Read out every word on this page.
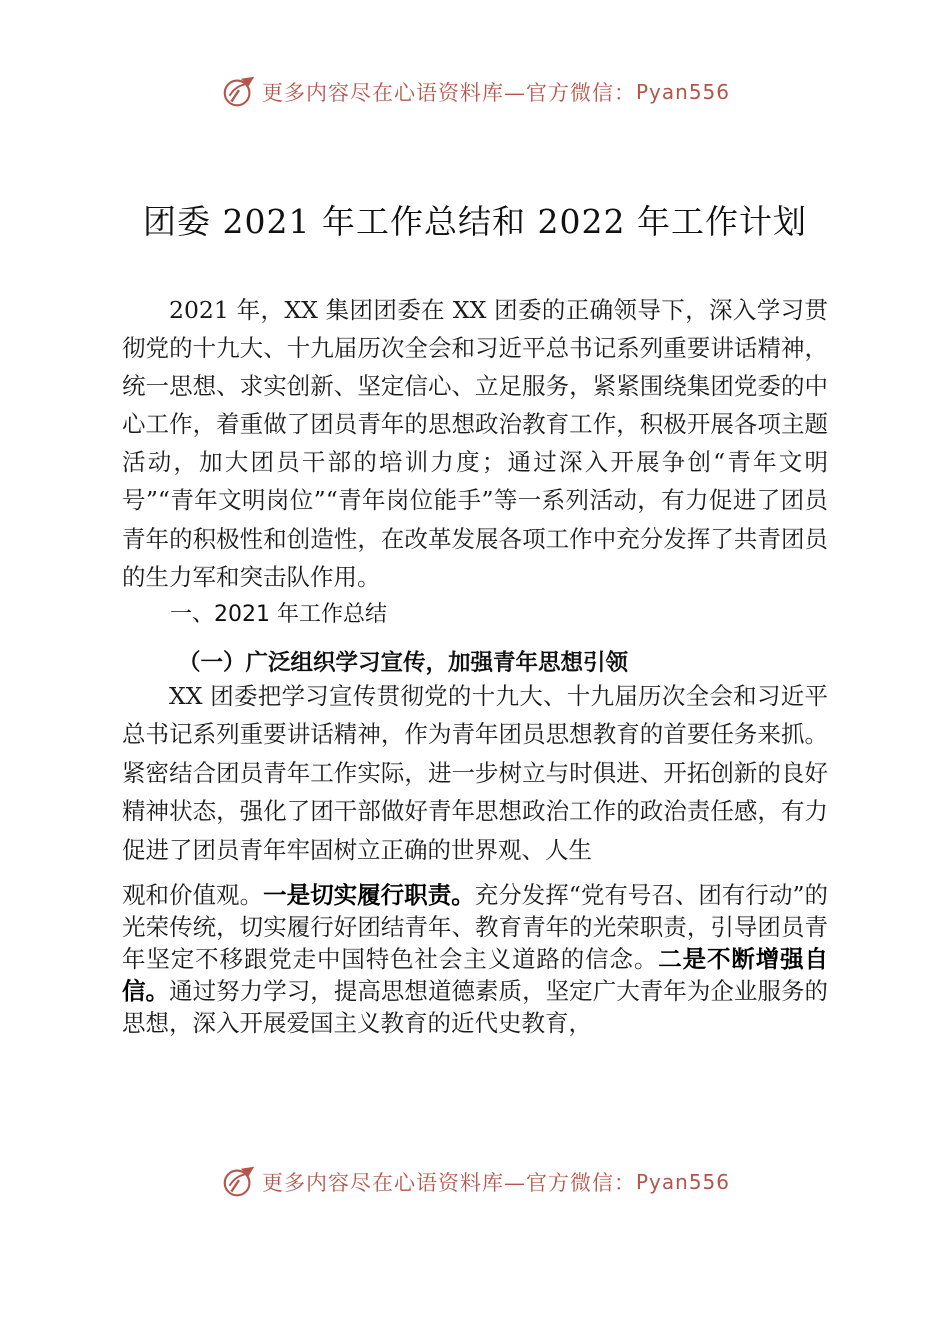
更多内容尽在心语资料库—官方微信： Pyan556
团委 2021 年工作总结和 2022 年工作计划

2021 年，XX 集团团委在 XX 团委的正确领导下，深入学习贯彻党的十九大、十九届历次全会和习近平总书记系列重要讲话精神，统一思想、求实创新、坚定信心、立足服务，紧紧围绕集团党委的中心工作，着重做了团员青年的思想政治教育工作，积极开展各项主题活动，加大团员干部的培训力度；通过深入开展争创“青年文明号”“青年文明岗位”“青年岗位能手”等一系列活动，有力促进了团员青年的积极性和创造性，在改革发展各项工作中充分发挥了共青团员的生力军和突击队作用。

一、2021 年工作总结
（一）广泛组织学习宣传，加强青年思想引领

XX 团委把学习宣传贯彻党的十九大、十九届历次全会和习近平总书记系列重要讲话精神，作为青年团员思想教育的首要任务来抓。紧密结合团员青年工作实际，进一步树立与时俱进、开拓创新的良好精神状态，强化了团干部做好青年思想政治工作的政治责任感，有力促进了团员青年牢固树立正确的世界观、人生
观和价值观。一是切实履行职责。充分发挥“党有号召、团有行动”的光荣传统，切实履行好团结青年、教育青年的光荣职责，引导团员青年坚定不移跟党走中国特色社会主义道路的信念。二是不断增强自信。通过努力学习，提高思想道德素质，坚定广大青年为企业服务的思想，深入开展爱国主义教育的近代史教育，

更多内容尽在心语资料库—官方微信： Pyan556
